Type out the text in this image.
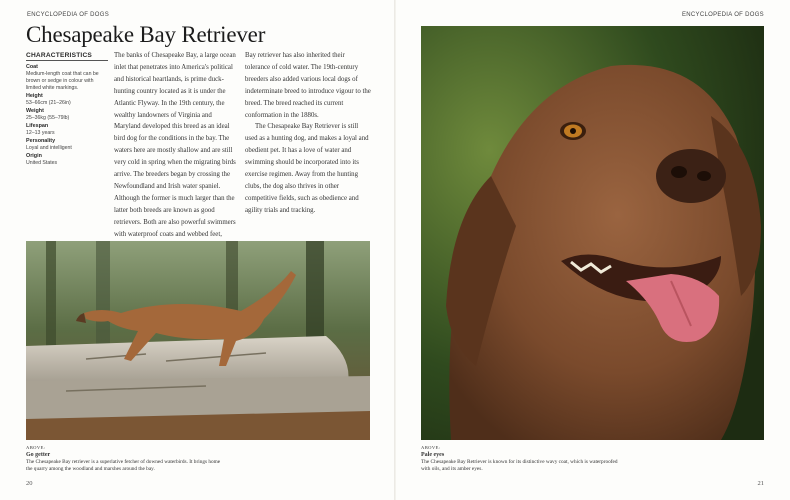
ENCYCLOPEDIA OF DOGS	ENCYCLOPEDIA OF DOGS
Chesapeake Bay Retriever
CHARACTERISTICS
Coat
Medium-length coat that can be brown or sedge in colour with limited white markings.
Height
53–66cm (21–26in)
Weight
25–36kg (55–79lb)
Lifespan
12–13 years
Personality
Loyal and intelligent
Origin
United States

The banks of Chesapeake Bay, a large ocean inlet that penetrates into America's political and historical heartlands, is prime duck-hunting country located as it is under the Atlantic Flyway. In the 19th century, the wealthy landowners of Virginia and Maryland developed this breed as an ideal bird dog for the conditions in the bay. The waters here are mostly shallow and are still very cold in spring when the migrating birds arrive. The breeders began by crossing the Newfoundland and Irish water spaniel. Although the former is much larger than the latter both breeds are known as good retrievers. Both are also powerful swimmers with waterproof coats and webbed feet,

Bay retriever has also inherited their tolerance of cold water. The 19th-century breeders also added various local dogs of indeterminate breed to introduce vigour to the breed. The breed reached its current conformation in the 1880s.

The Chesapeake Bay Retriever is still used as a hunting dog, and makes a loyal and obedient pet. It has a love of water and swimming should be incorporated into its exercise regimen. Away from the hunting clubs, the dog also thrives in other competitive fields, such as obedience and agility trials and tracking.

ABOVE:
Go getter
The Chesapeake Bay retriever is a superlative fetcher of downed waterbirds. It brings home the quarry among the woodland and marshes around the bay.
ABOVE:
Pale eyes
The Chesapeake Bay Retriever is known for its distinctive wavy coat, which is waterproofed with oils, and its amber eyes.
20	21
